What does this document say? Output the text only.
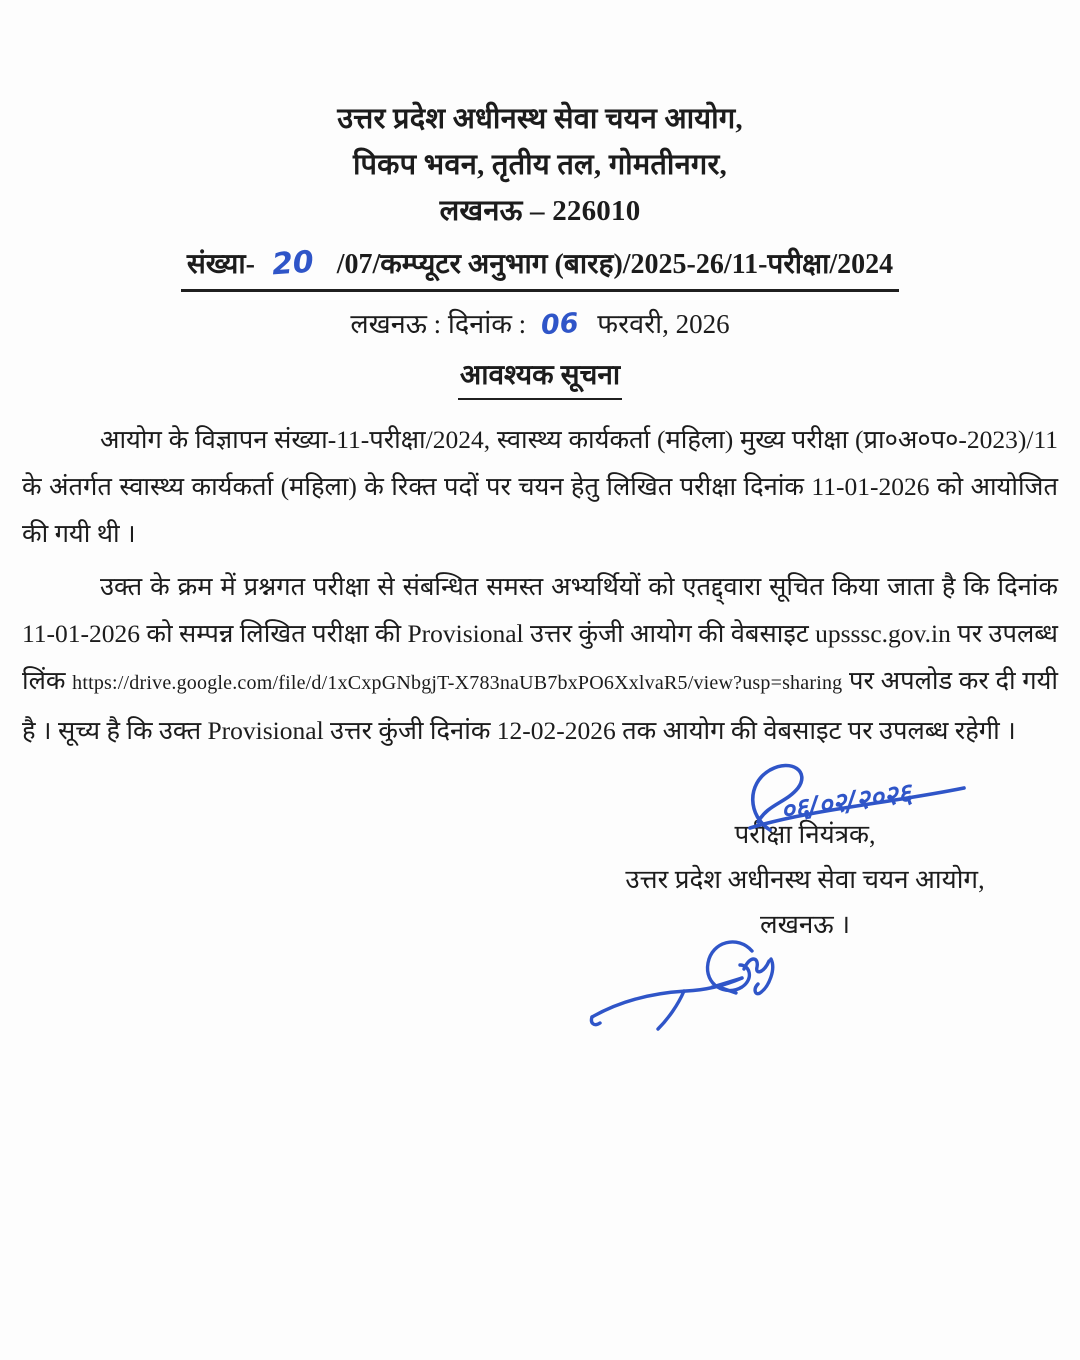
उत्तर प्रदेश अधीनस्थ सेवा चयन आयोग,
पिकप भवन, तृतीय तल, गोमतीनगर,
लखनऊ – 226010
संख्या- 20 /07/कम्प्यूटर अनुभाग (बारह)/2025-26/11-परीक्षा/2024
लखनऊ : दिनांक : 06 फरवरी, 2026
आवश्यक सूचना

आयोग के विज्ञापन संख्या-11-परीक्षा/2024, स्वास्थ्य कार्यकर्ता (महिला) मुख्य परीक्षा (प्रा०अ०प०-2023)/11 के अंतर्गत स्वास्थ्य कार्यकर्ता (महिला) के रिक्त पदों पर चयन हेतु लिखित परीक्षा दिनांक 11-01-2026 को आयोजित की गयी थी ।

उक्त के क्रम में प्रश्नगत परीक्षा से संबन्धित समस्त अभ्यर्थियों को एतद्द्वारा सूचित किया जाता है कि दिनांक 11-01-2026 को सम्पन्न लिखित परीक्षा की Provisional उत्तर कुंजी आयोग की वेबसाइट upsssc.gov.in पर उपलब्ध लिंक https://drive.google.com/file/d/1xCxpGNbgjT-X783naUB7bxPO6XxlvaR5/view?usp=sharing पर अपलोड कर दी गयी है । सूच्य है कि उक्त Provisional उत्तर कुंजी दिनांक 12-02-2026 तक आयोग की वेबसाइट पर उपलब्ध रहेगी ।

०६/०२/२०२६
परीक्षा नियंत्रक,
उत्तर प्रदेश अधीनस्थ सेवा चयन आयोग,
लखनऊ ।
